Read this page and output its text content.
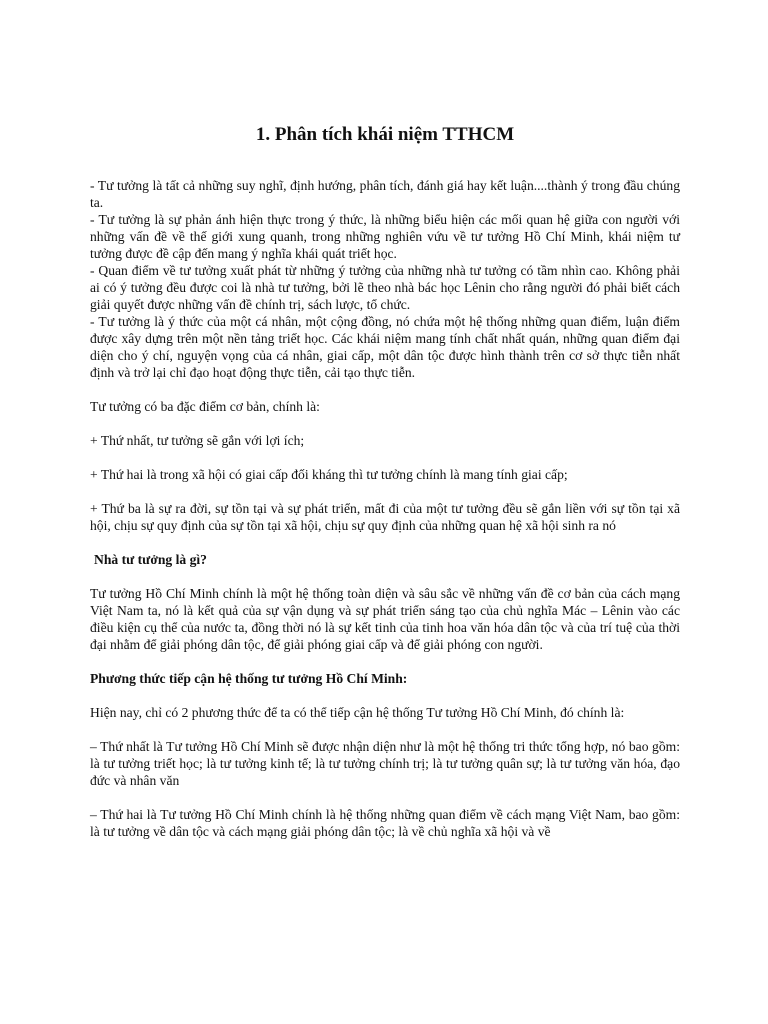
1. Phân tích khái niệm TTHCM

- Tư tưởng là tất cả những suy nghĩ, định hướng, phân tích, đánh giá hay kết luận....thành ý trong đầu chúng ta.

- Tư tưởng là sự phản ánh hiện thực trong ý thức, là những biểu hiện các mối quan hệ giữa con người với những vấn đề về thế giới xung quanh, trong những nghiên vứu về tư tưởng Hồ Chí Minh, khái niệm tư tưởng được đề cập đến mang ý nghĩa khái quát triết học.

- Quan điểm về tư tưởng xuất phát từ những ý tưởng của những nhà tư tưởng có tầm nhìn cao. Không phải ai có ý tưởng đều được coi là nhà tư tưởng, bởi lẽ theo nhà bác học Lênin cho rằng người đó phải biết cách giải quyết được những vấn đề chính trị, sách lược, tổ chức.

- Tư tưởng là ý thức của một cá nhân, một cộng đồng, nó chứa một hệ thống những quan điểm, luận điểm được xây dựng trên một nền tảng triết học. Các khái niệm mang tính chất nhất quán, những quan điểm đại diện cho ý chí, nguyện vọng của cá nhân, giai cấp, một dân tộc được hình thành trên cơ sở thực tiễn nhất định và trở lại chỉ đạo hoạt động thực tiễn, cải tạo thực tiễn.

Tư tưởng có ba đặc điểm cơ bản, chính là:

+ Thứ nhất, tư tưởng sẽ gắn với lợi ích;

+ Thứ hai là trong xã hội có giai cấp đối kháng thì tư tưởng chính là mang tính giai cấp;

+ Thứ ba là sự ra đời, sự tồn tại và sự phát triển, mất đi của một tư tưởng đều sẽ gắn liền với sự tồn tại xã hội, chịu sự quy định của sự tồn tại xã hội, chịu sự quy định của những quan hệ xã hội sinh ra nó

Nhà tư tưởng là gì?

Tư tưởng Hồ Chí Minh chính là một hệ thống toàn diện và sâu sắc về những vấn đề cơ bản của cách mạng Việt Nam ta, nó là kết quả của sự vận dụng và sự phát triển sáng tạo của chủ nghĩa Mác – Lênin vào các điều kiện cụ thể của nước ta, đồng thời nó là sự kết tinh của tinh hoa văn hóa dân tộc và của trí tuệ của thời đại nhằm để giải phóng dân tộc, để giải phóng giai cấp và để giải phóng con người.

Phương thức tiếp cận hệ thống tư tưởng Hồ Chí Minh:

Hiện nay, chỉ có 2 phương thức để ta có thể tiếp cận hệ thống Tư tưởng Hồ Chí Minh, đó chính là:

– Thứ nhất là Tư tưởng Hồ Chí Minh sẽ được nhận diện như là một hệ thống tri thức tổng hợp, nó bao gồm: là tư tưởng triết học; là tư tưởng kinh tế; là tư tưởng chính trị; là tư tưởng quân sự; là tư tưởng văn hóa, đạo đức và nhân văn

– Thứ hai là Tư tưởng Hồ Chí Minh chính là hệ thống những quan điểm về cách mạng Việt Nam, bao gồm: là tư tưởng về dân tộc và cách mạng giải phóng dân tộc; là về chủ nghĩa xã hội và về
